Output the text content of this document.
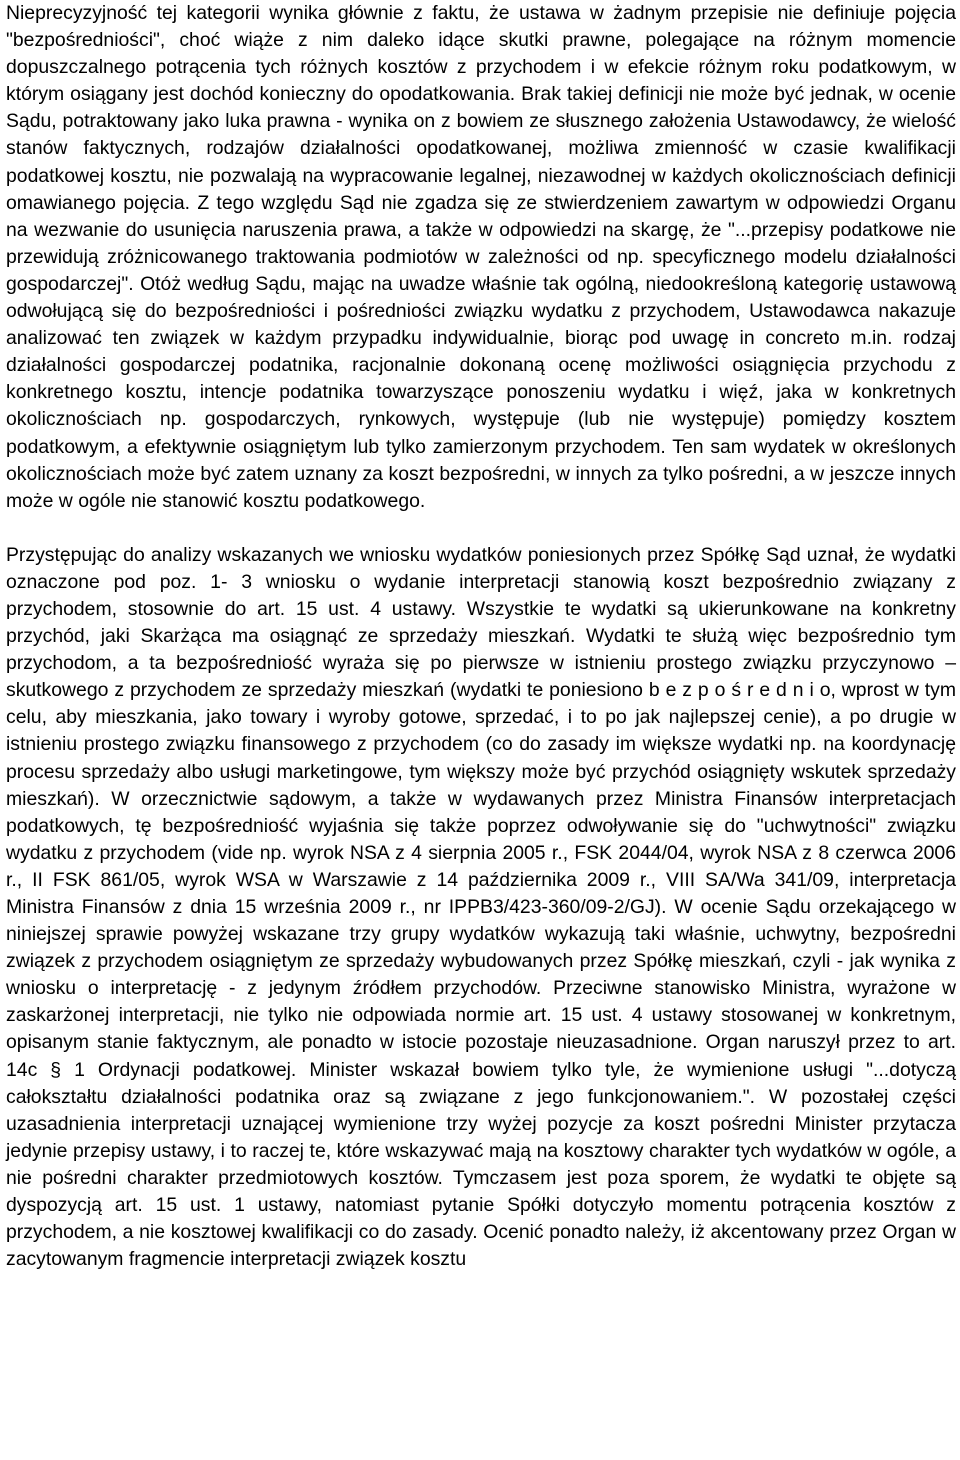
Nieprecyzyjność tej kategorii wynika głównie z faktu, że ustawa w żadnym przepisie nie definiuje pojęcia "bezpośredniości", choć wiąże z nim daleko idące skutki prawne, polegające na różnym momencie dopuszczalnego potrącenia tych różnych kosztów z przychodem i w efekcie różnym roku podatkowym, w którym osiągany jest dochód konieczny do opodatkowania. Brak takiej definicji nie może być jednak, w ocenie Sądu, potraktowany jako luka prawna - wynika on z bowiem ze słusznego założenia Ustawodawcy, że wielość stanów faktycznych, rodzajów działalności opodatkowanej, możliwa zmienność w czasie kwalifikacji podatkowej kosztu, nie pozwalają na wypracowanie legalnej, niezawodnej w każdych okolicznościach definicji omawianego pojęcia. Z tego względu Sąd nie zgadza się ze stwierdzeniem zawartym w odpowiedzi Organu na wezwanie do usunięcia naruszenia prawa, a także w odpowiedzi na skargę, że "...przepisy podatkowe nie przewidują zróżnicowanego traktowania podmiotów w zależności od np. specyficznego modelu działalności gospodarczej". Otóż według Sądu, mając na uwadze właśnie tak ogólną, niedookreśloną kategorię ustawową odwołującą się do bezpośredniości i pośredniości związku wydatku z przychodem, Ustawodawca nakazuje analizować ten związek w każdym przypadku indywidualnie, biorąc pod uwagę in concreto m.in. rodzaj działalności gospodarczej podatnika, racjonalnie dokonaną ocenę możliwości osiągnięcia przychodu z konkretnego kosztu, intencje podatnika towarzyszące ponoszeniu wydatku i więź, jaka w konkretnych okolicznościach np. gospodarczych, rynkowych, występuje (lub nie występuje) pomiędzy kosztem podatkowym, a efektywnie osiągniętym lub tylko zamierzonym przychodem. Ten sam wydatek w określonych okolicznościach może być zatem uznany za koszt bezpośredni, w innych za tylko pośredni, a w jeszcze innych może w ogóle nie stanowić kosztu podatkowego.

Przystępując do analizy wskazanych we wniosku wydatków poniesionych przez Spółkę Sąd uznał, że wydatki oznaczone pod poz. 1- 3 wniosku o wydanie interpretacji stanowią koszt bezpośrednio związany z przychodem, stosownie do art. 15 ust. 4 ustawy. Wszystkie te wydatki są ukierunkowane na konkretny przychód, jaki Skarżąca ma osiągnąć ze sprzedaży mieszkań. Wydatki te służą więc bezpośrednio tym przychodom, a ta bezpośredniość wyraża się po pierwsze w istnieniu prostego związku przyczynowo – skutkowego z przychodem ze sprzedaży mieszkań (wydatki te poniesiono b e z p o ś r e d n i o, wprost w tym celu, aby mieszkania, jako towary i wyroby gotowe, sprzedać, i to po jak najlepszej cenie), a po drugie w istnieniu prostego związku finansowego z przychodem (co do zasady im większe wydatki np. na koordynację procesu sprzedaży albo usługi marketingowe, tym większy może być przychód osiągnięty wskutek sprzedaży mieszkań). W orzecznictwie sądowym, a także w wydawanych przez Ministra Finansów interpretacjach podatkowych, tę bezpośredniość wyjaśnia się także poprzez odwoływanie się do "uchwytności" związku wydatku z przychodem (vide np. wyrok NSA z 4 sierpnia 2005 r., FSK 2044/04, wyrok NSA z 8 czerwca 2006 r., II FSK 861/05, wyrok WSA w Warszawie z 14 października 2009 r., VIII SA/Wa 341/09, interpretacja Ministra Finansów z dnia 15 września 2009 r., nr IPPB3/423-360/09-2/GJ). W ocenie Sądu orzekającego w niniejszej sprawie powyżej wskazane trzy grupy wydatków wykazują taki właśnie, uchwytny, bezpośredni związek z przychodem osiągniętym ze sprzedaży wybudowanych przez Spółkę mieszkań, czyli - jak wynika z wniosku o interpretację - z jedynym źródłem przychodów. Przeciwne stanowisko Ministra, wyrażone w zaskarżonej interpretacji, nie tylko nie odpowiada normie art. 15 ust. 4 ustawy stosowanej w konkretnym, opisanym stanie faktycznym, ale ponadto w istocie pozostaje nieuzasadnione. Organ naruszył przez to art. 14c § 1 Ordynacji podatkowej. Minister wskazał bowiem tylko tyle, że wymienione usługi "...dotyczą całokształtu działalności podatnika oraz są związane z jego funkcjonowaniem.". W pozostałej części uzasadnienia interpretacji uznającej wymienione trzy wyżej pozycje za koszt pośredni Minister przytacza jedynie przepisy ustawy, i to raczej te, które wskazywać mają na kosztowy charakter tych wydatków w ogóle, a nie pośredni charakter przedmiotowych kosztów. Tymczasem jest poza sporem, że wydatki te objęte są dyspozycją art. 15 ust. 1 ustawy, natomiast pytanie Spółki dotyczyło momentu potrącenia kosztów z przychodem, a nie kosztowej kwalifikacji co do zasady. Ocenić ponadto należy, iż akcentowany przez Organ w zacytowanym fragmencie interpretacji związek kosztu
